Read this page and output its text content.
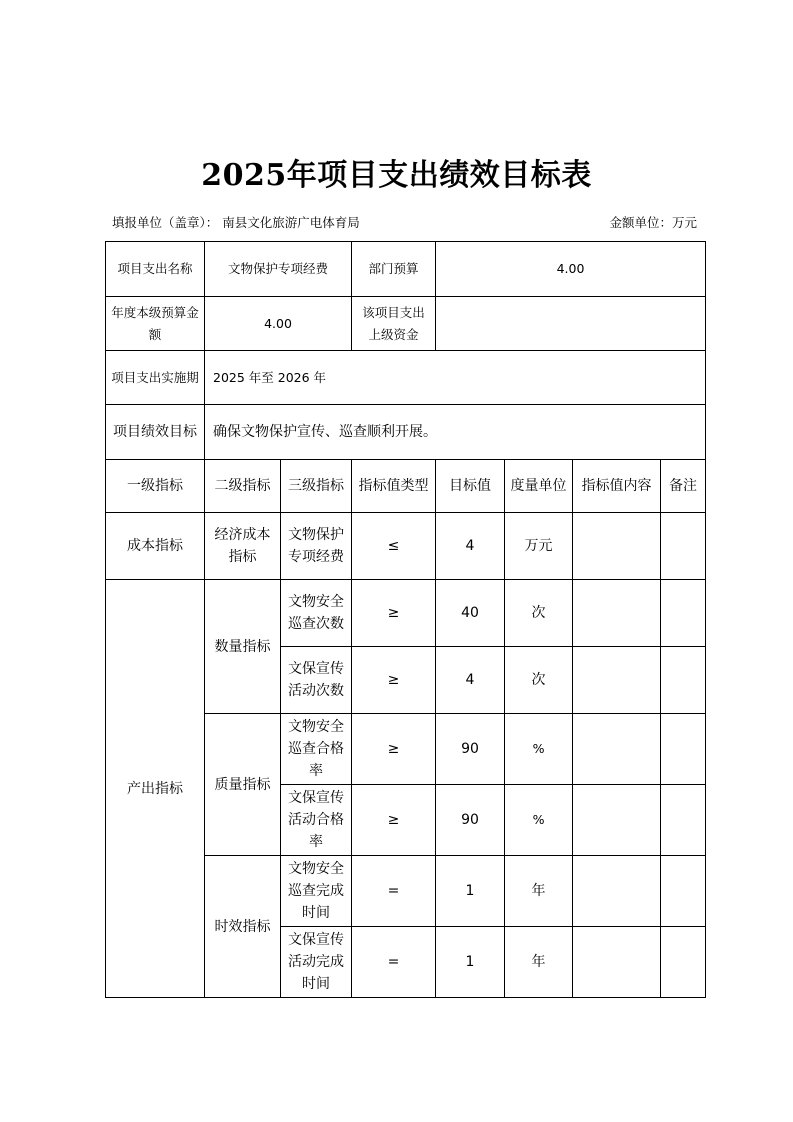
2025年项目支出绩效目标表
填报单位（盖章）： 南县文化旅游广电体育局	金额单位：万元
项目支出名称	文物保护专项经费		部门预算	4.00			
年度本级预算金额	4.00		该项目支出上级资金				
项目支出实施期	2025 年至 2026 年						
项目绩效目标	确保文物保护宣传、巡查顺利开展。						
一级指标	二级指标	三级指标	指标值类型	目标值	度量单位	指标值内容	备注
成本指标	经济成本指标	文物保护专项经费	≤	4	万元		
产出指标	数量指标	文物安全巡查次数	≥	40	次		
		文保宣传活动次数	≥	4	次		
	质量指标	文物安全巡查合格率	≥	90	%		
		文保宣传活动合格率	≥	90	%		
	时效指标	文物安全巡查完成时间	=	1	年		
		文保宣传活动完成时间	=	1	年		
